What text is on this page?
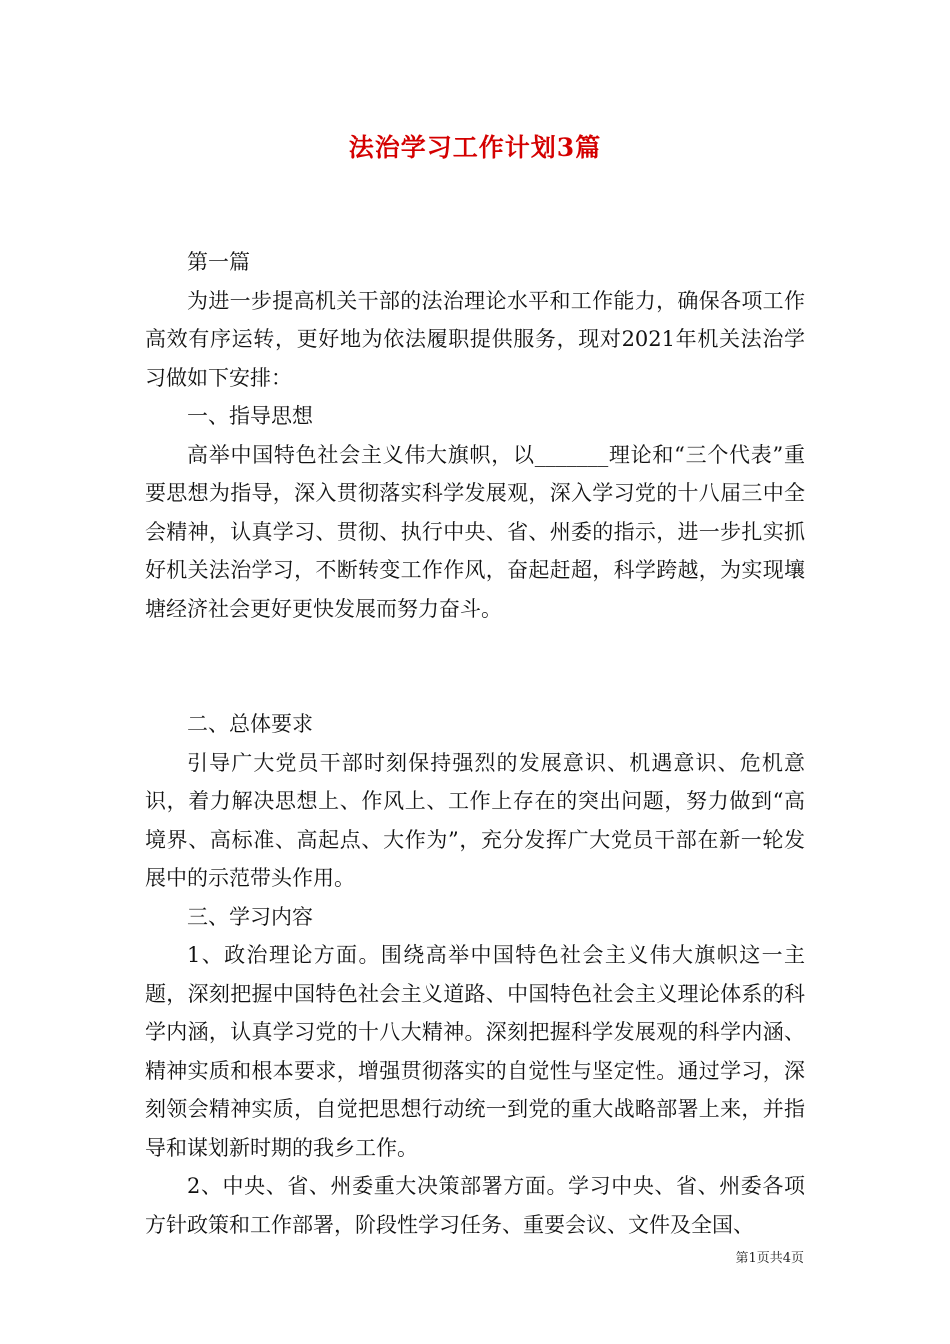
法治学习工作计划3篇

第一篇

为进一步提高机关干部的法治理论水平和工作能力，确保各项工作高效有序运转，更好地为依法履职提供服务，现对2021年机关法治学习做如下安排：

一、指导思想

高举中国特色社会主义伟大旗帜，以_______理论和“三个代表”重要思想为指导，深入贯彻落实科学发展观，深入学习党的十八届三中全会精神，认真学习、贯彻、执行中央、省、州委的指示，进一步扎实抓好机关法治学习，不断转变工作作风，奋起赶超，科学跨越，为实现壤塘经济社会更好更快发展而努力奋斗。

二、总体要求

引导广大党员干部时刻保持强烈的发展意识、机遇意识、危机意识，着力解决思想上、作风上、工作上存在的突出问题，努力做到“高境界、高标准、高起点、大作为”，充分发挥广大党员干部在新一轮发展中的示范带头作用。

三、学习内容

1、政治理论方面。围绕高举中国特色社会主义伟大旗帜这一主题，深刻把握中国特色社会主义道路、中国特色社会主义理论体系的科学内涵，认真学习党的十八大精神。深刻把握科学发展观的科学内涵、精神实质和根本要求，增强贯彻落实的自觉性与坚定性。通过学习，深刻领会精神实质，自觉把思想行动统一到党的重大战略部署上来，并指导和谋划新时期的我乡工作。

2、中央、省、州委重大决策部署方面。学习中央、省、州委各项方针政策和工作部署，阶段性学习任务、重要会议、文件及全国、

第1页共4页
